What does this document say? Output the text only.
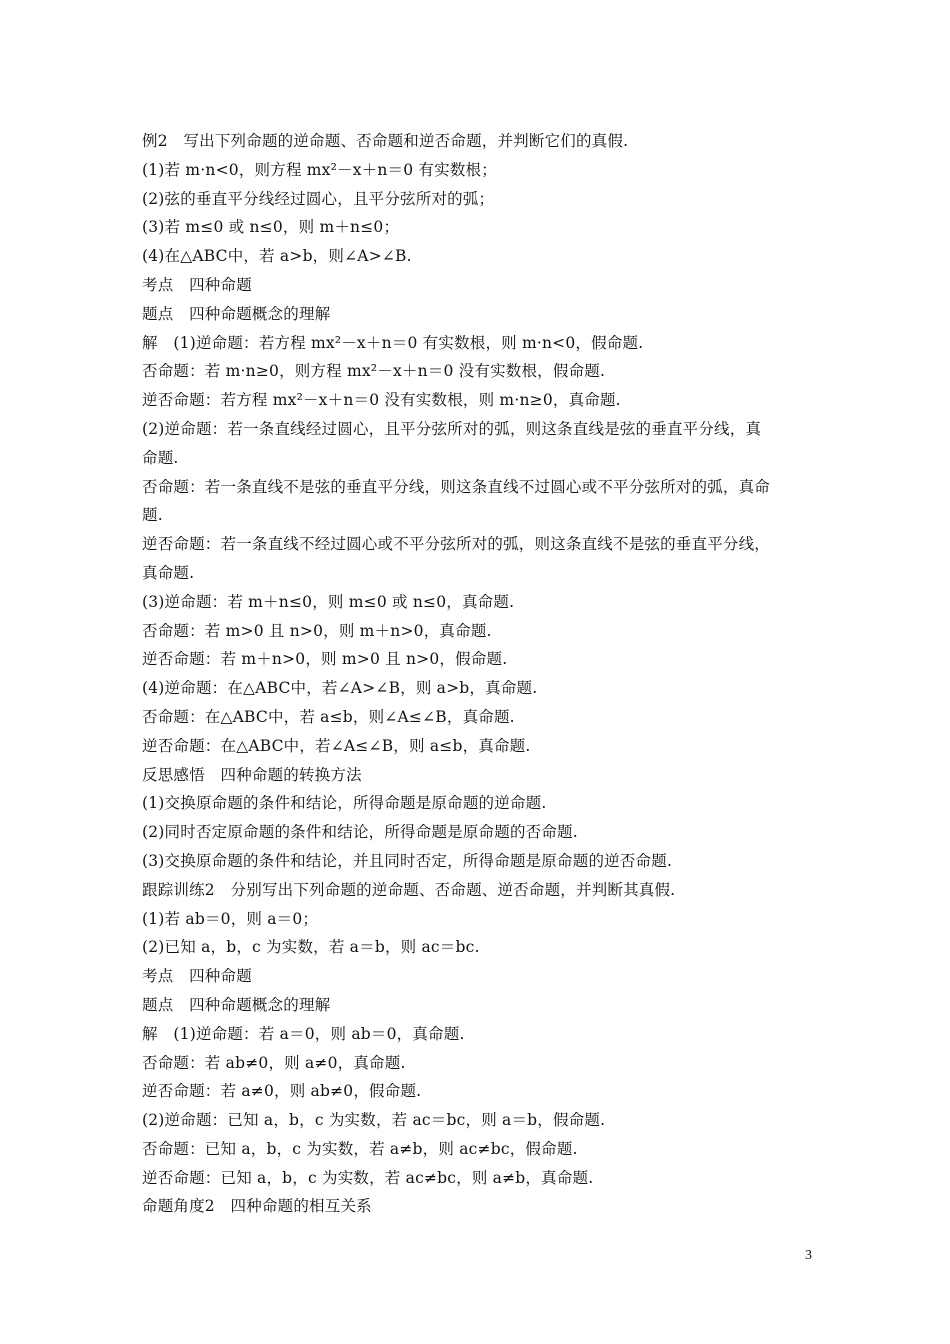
例2　写出下列命题的逆命题、否命题和逆否命题，并判断它们的真假.
(1)若 m·n<0，则方程 mx²－x＋n＝0 有实数根；
(2)弦的垂直平分线经过圆心，且平分弦所对的弧；
(3)若 m≤0 或 n≤0，则 m＋n≤0；
(4)在△ABC中，若 a>b，则∠A>∠B.
考点　四种命题
题点　四种命题概念的理解
解　(1)逆命题：若方程 mx²－x＋n＝0 有实数根，则 m·n<0，假命题.
否命题：若 m·n≥0，则方程 mx²－x＋n＝0 没有实数根，假命题.
逆否命题：若方程 mx²－x＋n＝0 没有实数根，则 m·n≥0，真命题.
(2)逆命题：若一条直线经过圆心，且平分弦所对的弧，则这条直线是弦的垂直平分线，真
命题.
否命题：若一条直线不是弦的垂直平分线，则这条直线不过圆心或不平分弦所对的弧，真命
题.
逆否命题：若一条直线不经过圆心或不平分弦所对的弧，则这条直线不是弦的垂直平分线，
真命题.
(3)逆命题：若 m＋n≤0，则 m≤0 或 n≤0，真命题.
否命题：若 m>0 且 n>0，则 m＋n>0，真命题.
逆否命题：若 m＋n>0，则 m>0 且 n>0，假命题.
(4)逆命题：在△ABC中，若∠A>∠B，则 a>b，真命题.
否命题：在△ABC中，若 a≤b，则∠A≤∠B，真命题.
逆否命题：在△ABC中，若∠A≤∠B，则 a≤b，真命题.
反思感悟　四种命题的转换方法
(1)交换原命题的条件和结论，所得命题是原命题的逆命题.
(2)同时否定原命题的条件和结论，所得命题是原命题的否命题.
(3)交换原命题的条件和结论，并且同时否定，所得命题是原命题的逆否命题.
跟踪训练2　分别写出下列命题的逆命题、否命题、逆否命题，并判断其真假.
(1)若 ab＝0，则 a＝0；
(2)已知 a，b，c 为实数，若 a＝b，则 ac＝bc.
考点　四种命题
题点　四种命题概念的理解
解　(1)逆命题：若 a＝0，则 ab＝0，真命题.
否命题：若 ab≠0，则 a≠0，真命题.
逆否命题：若 a≠0，则 ab≠0，假命题.
(2)逆命题：已知 a，b，c 为实数，若 ac＝bc，则 a＝b，假命题.
否命题：已知 a，b，c 为实数，若 a≠b，则 ac≠bc，假命题.
逆否命题：已知 a，b，c 为实数，若 ac≠bc，则 a≠b，真命题.
命题角度2　四种命题的相互关系
3
